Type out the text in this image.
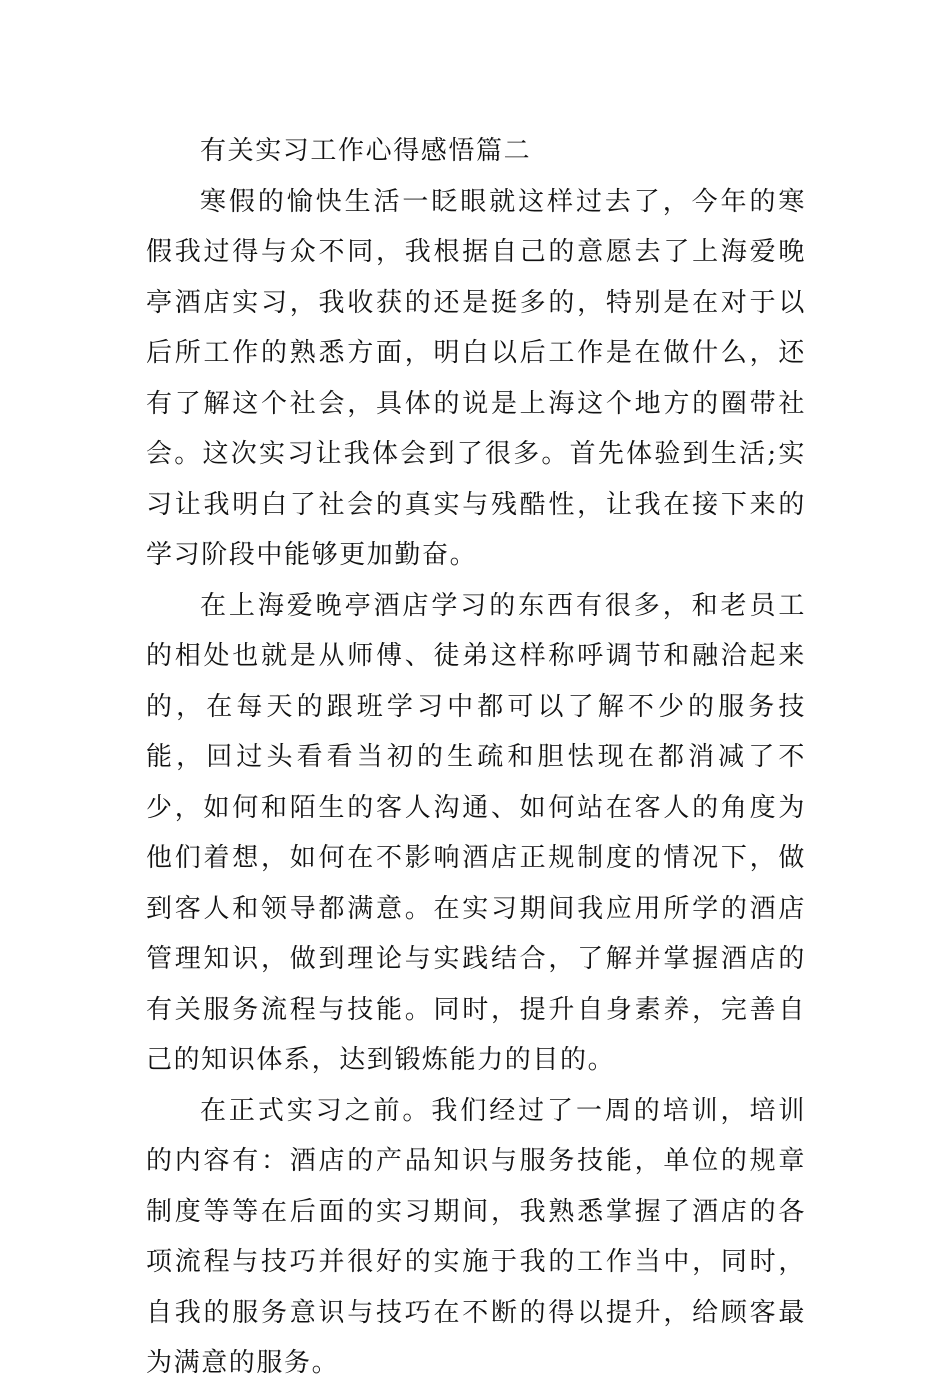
有关实习工作心得感悟篇二

寒假的愉快生活一眨眼就这样过去了，今年的寒假我过得与众不同，我根据自己的意愿去了上海爱晚亭酒店实习，我收获的还是挺多的，特别是在对于以后所工作的熟悉方面，明白以后工作是在做什么，还有了解这个社会，具体的说是上海这个地方的圈带社会。这次实习让我体会到了很多。首先体验到生活;实习让我明白了社会的真实与残酷性，让我在接下来的学习阶段中能够更加勤奋。

在上海爱晚亭酒店学习的东西有很多，和老员工的相处也就是从师傅、徒弟这样称呼调节和融洽起来的，在每天的跟班学习中都可以了解不少的服务技能，回过头看看当初的生疏和胆怯现在都消减了不少，如何和陌生的客人沟通、如何站在客人的角度为他们着想，如何在不影响酒店正规制度的情况下，做到客人和领导都满意。在实习期间我应用所学的酒店管理知识，做到理论与实践结合，了解并掌握酒店的有关服务流程与技能。同时，提升自身素养，完善自己的知识体系，达到锻炼能力的目的。

在正式实习之前。我们经过了一周的培训，培训的内容有：酒店的产品知识与服务技能，单位的规章制度等等在后面的实习期间，我熟悉掌握了酒店的各项流程与技巧并很好的实施于我的工作当中，同时，自我的服务意识与技巧在不断的得以提升，给顾客最为满意的服务。
